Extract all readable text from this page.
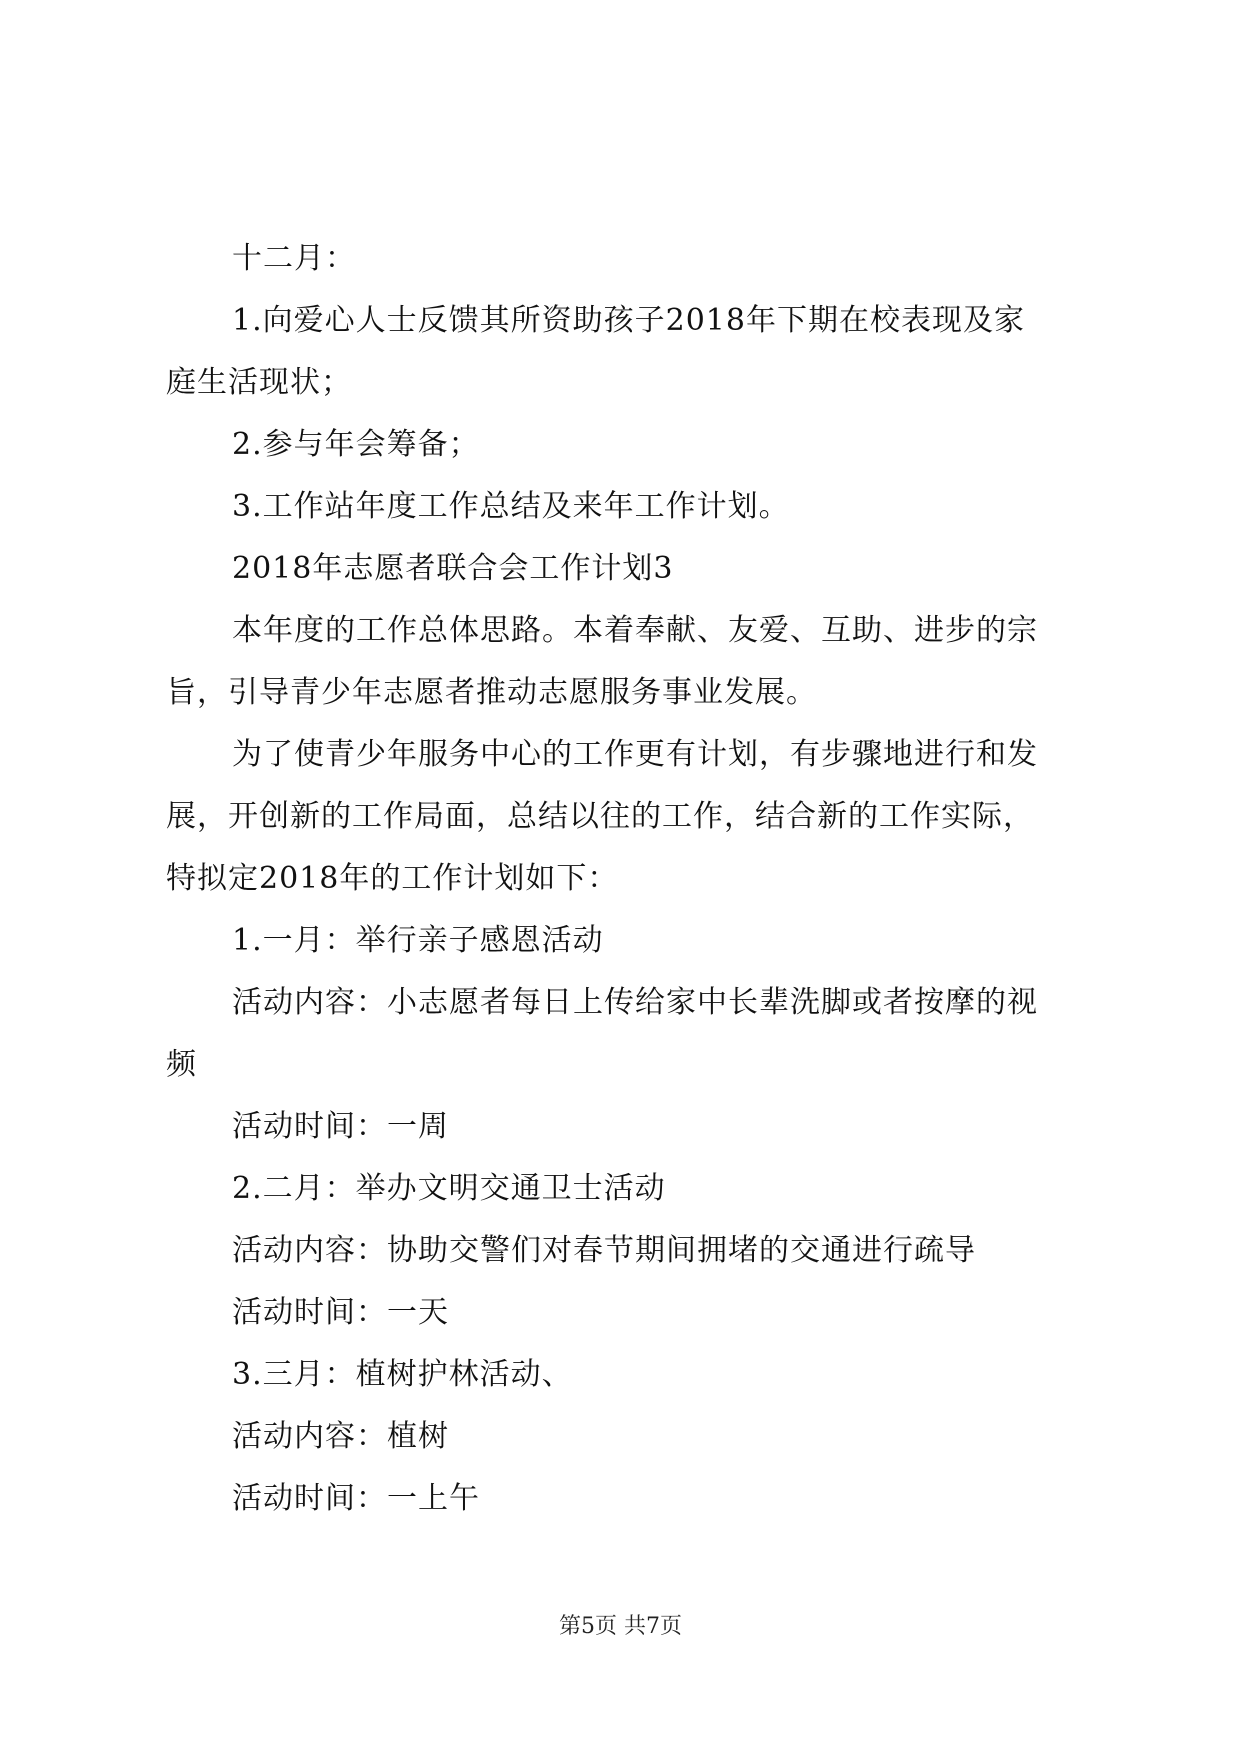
十二月：
1.向爱心人士反馈其所资助孩子2018年下期在校表现及家
庭生活现状；
2.参与年会筹备；
3.工作站年度工作总结及来年工作计划。
2018年志愿者联合会工作计划3
本年度的工作总体思路。本着奉献、友爱、互助、进步的宗
旨，引导青少年志愿者推动志愿服务事业发展。
为了使青少年服务中心的工作更有计划，有步骤地进行和发
展，开创新的工作局面，总结以往的工作，结合新的工作实际，
特拟定2018年的工作计划如下：
1.一月：举行亲子感恩活动
活动内容：小志愿者每日上传给家中长辈洗脚或者按摩的视
频
活动时间：一周
2.二月：举办文明交通卫士活动
活动内容：协助交警们对春节期间拥堵的交通进行疏导
活动时间：一天
3.三月：植树护林活动、
活动内容：植树
活动时间：一上午
第5页 共7页
